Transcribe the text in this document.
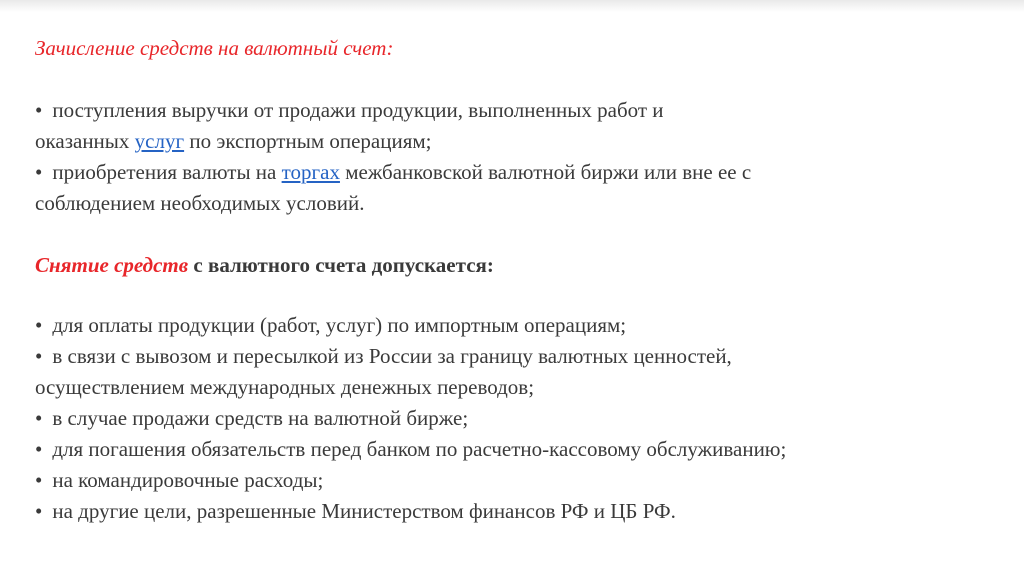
Зачисление средств на валютный счет:
• поступления выручки от продажи продукции, выполненных работ и
оказанных услуг по экспортным операциям;
• приобретения валюты на торгах межбанковской валютной биржи или вне ее с
соблюдением необходимых условий.
Снятие средств с валютного счета допускается:
• для оплаты продукции (работ, услуг) по импортным операциям;
• в связи с вывозом и пересылкой из России за границу валютных ценностей,
осуществлением международных денежных переводов;
• в случае продажи средств на валютной бирже;
• для погашения обязательств перед банком по расчетно-кассовому обслуживанию;
• на командировочные расходы;
• на другие цели, разрешенные Министерством финансов РФ и ЦБ РФ.
